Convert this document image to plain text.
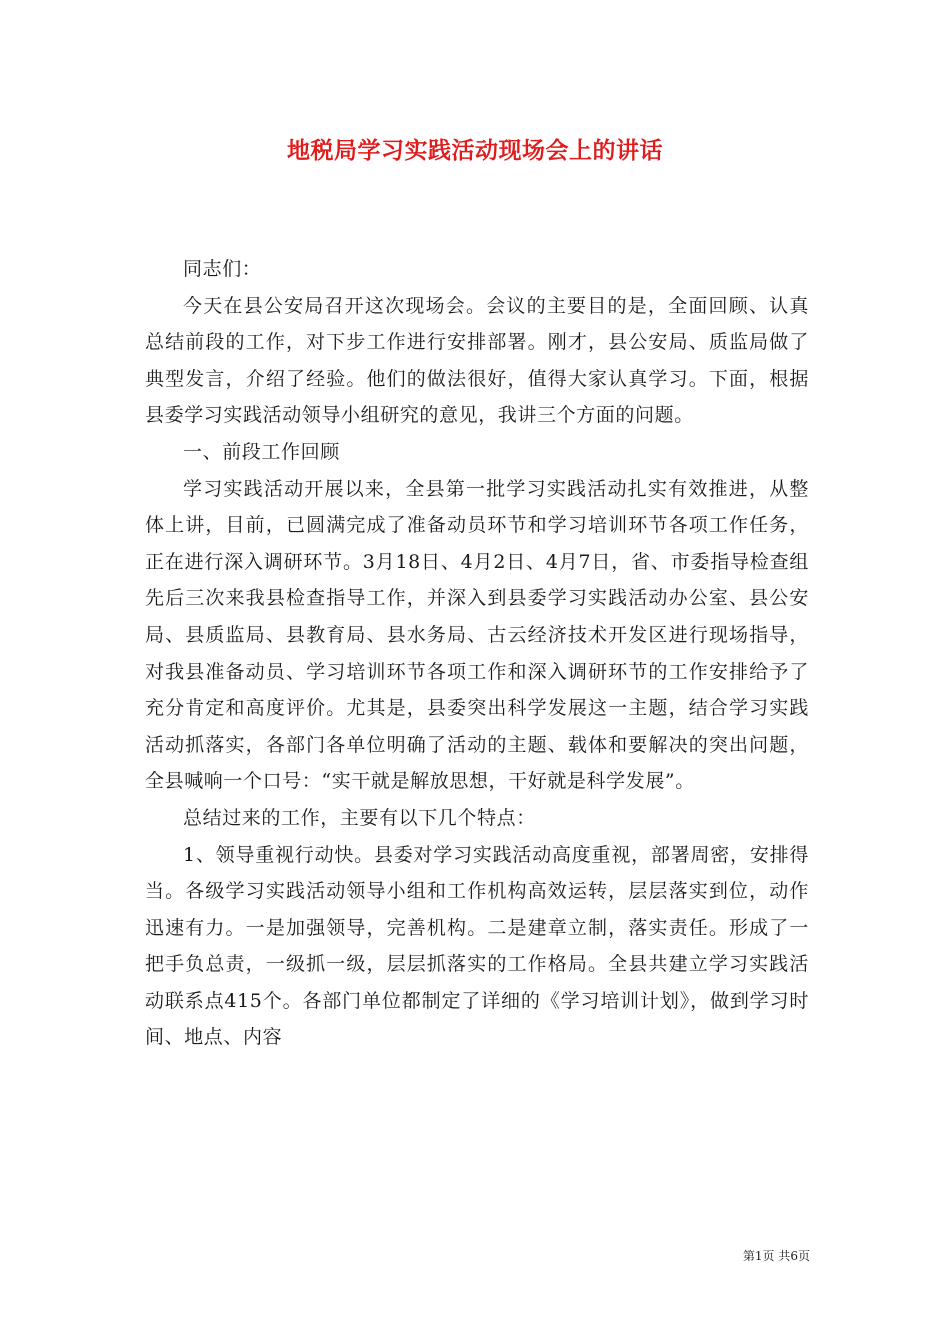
地税局学习实践活动现场会上的讲话

同志们：

今天在县公安局召开这次现场会。会议的主要目的是，全面回顾、认真总结前段的工作，对下步工作进行安排部署。刚才，县公安局、质监局做了典型发言，介绍了经验。他们的做法很好，值得大家认真学习。下面，根据县委学习实践活动领导小组研究的意见，我讲三个方面的问题。

一、前段工作回顾

学习实践活动开展以来，全县第一批学习实践活动扎实有效推进，从整体上讲，目前，已圆满完成了准备动员环节和学习培训环节各项工作任务，正在进行深入调研环节。3月18日、4月2日、4月7日，省、市委指导检查组先后三次来我县检查指导工作，并深入到县委学习实践活动办公室、县公安局、县质监局、县教育局、县水务局、古云经济技术开发区进行现场指导，对我县准备动员、学习培训环节各项工作和深入调研环节的工作安排给予了充分肯定和高度评价。尤其是，县委突出科学发展这一主题，结合学习实践活动抓落实，各部门各单位明确了活动的主题、载体和要解决的突出问题，全县喊响一个口号：“实干就是解放思想，干好就是科学发展”。

总结过来的工作，主要有以下几个特点：

1、领导重视行动快。县委对学习实践活动高度重视，部署周密，安排得当。各级学习实践活动领导小组和工作机构高效运转，层层落实到位，动作迅速有力。一是加强领导，完善机构。二是建章立制，落实责任。形成了一把手负总责，一级抓一级，层层抓落实的工作格局。全县共建立学习实践活动联系点415个。各部门单位都制定了详细的《学习培训计划》，做到学习时间、地点、内容

第1页 共6页
